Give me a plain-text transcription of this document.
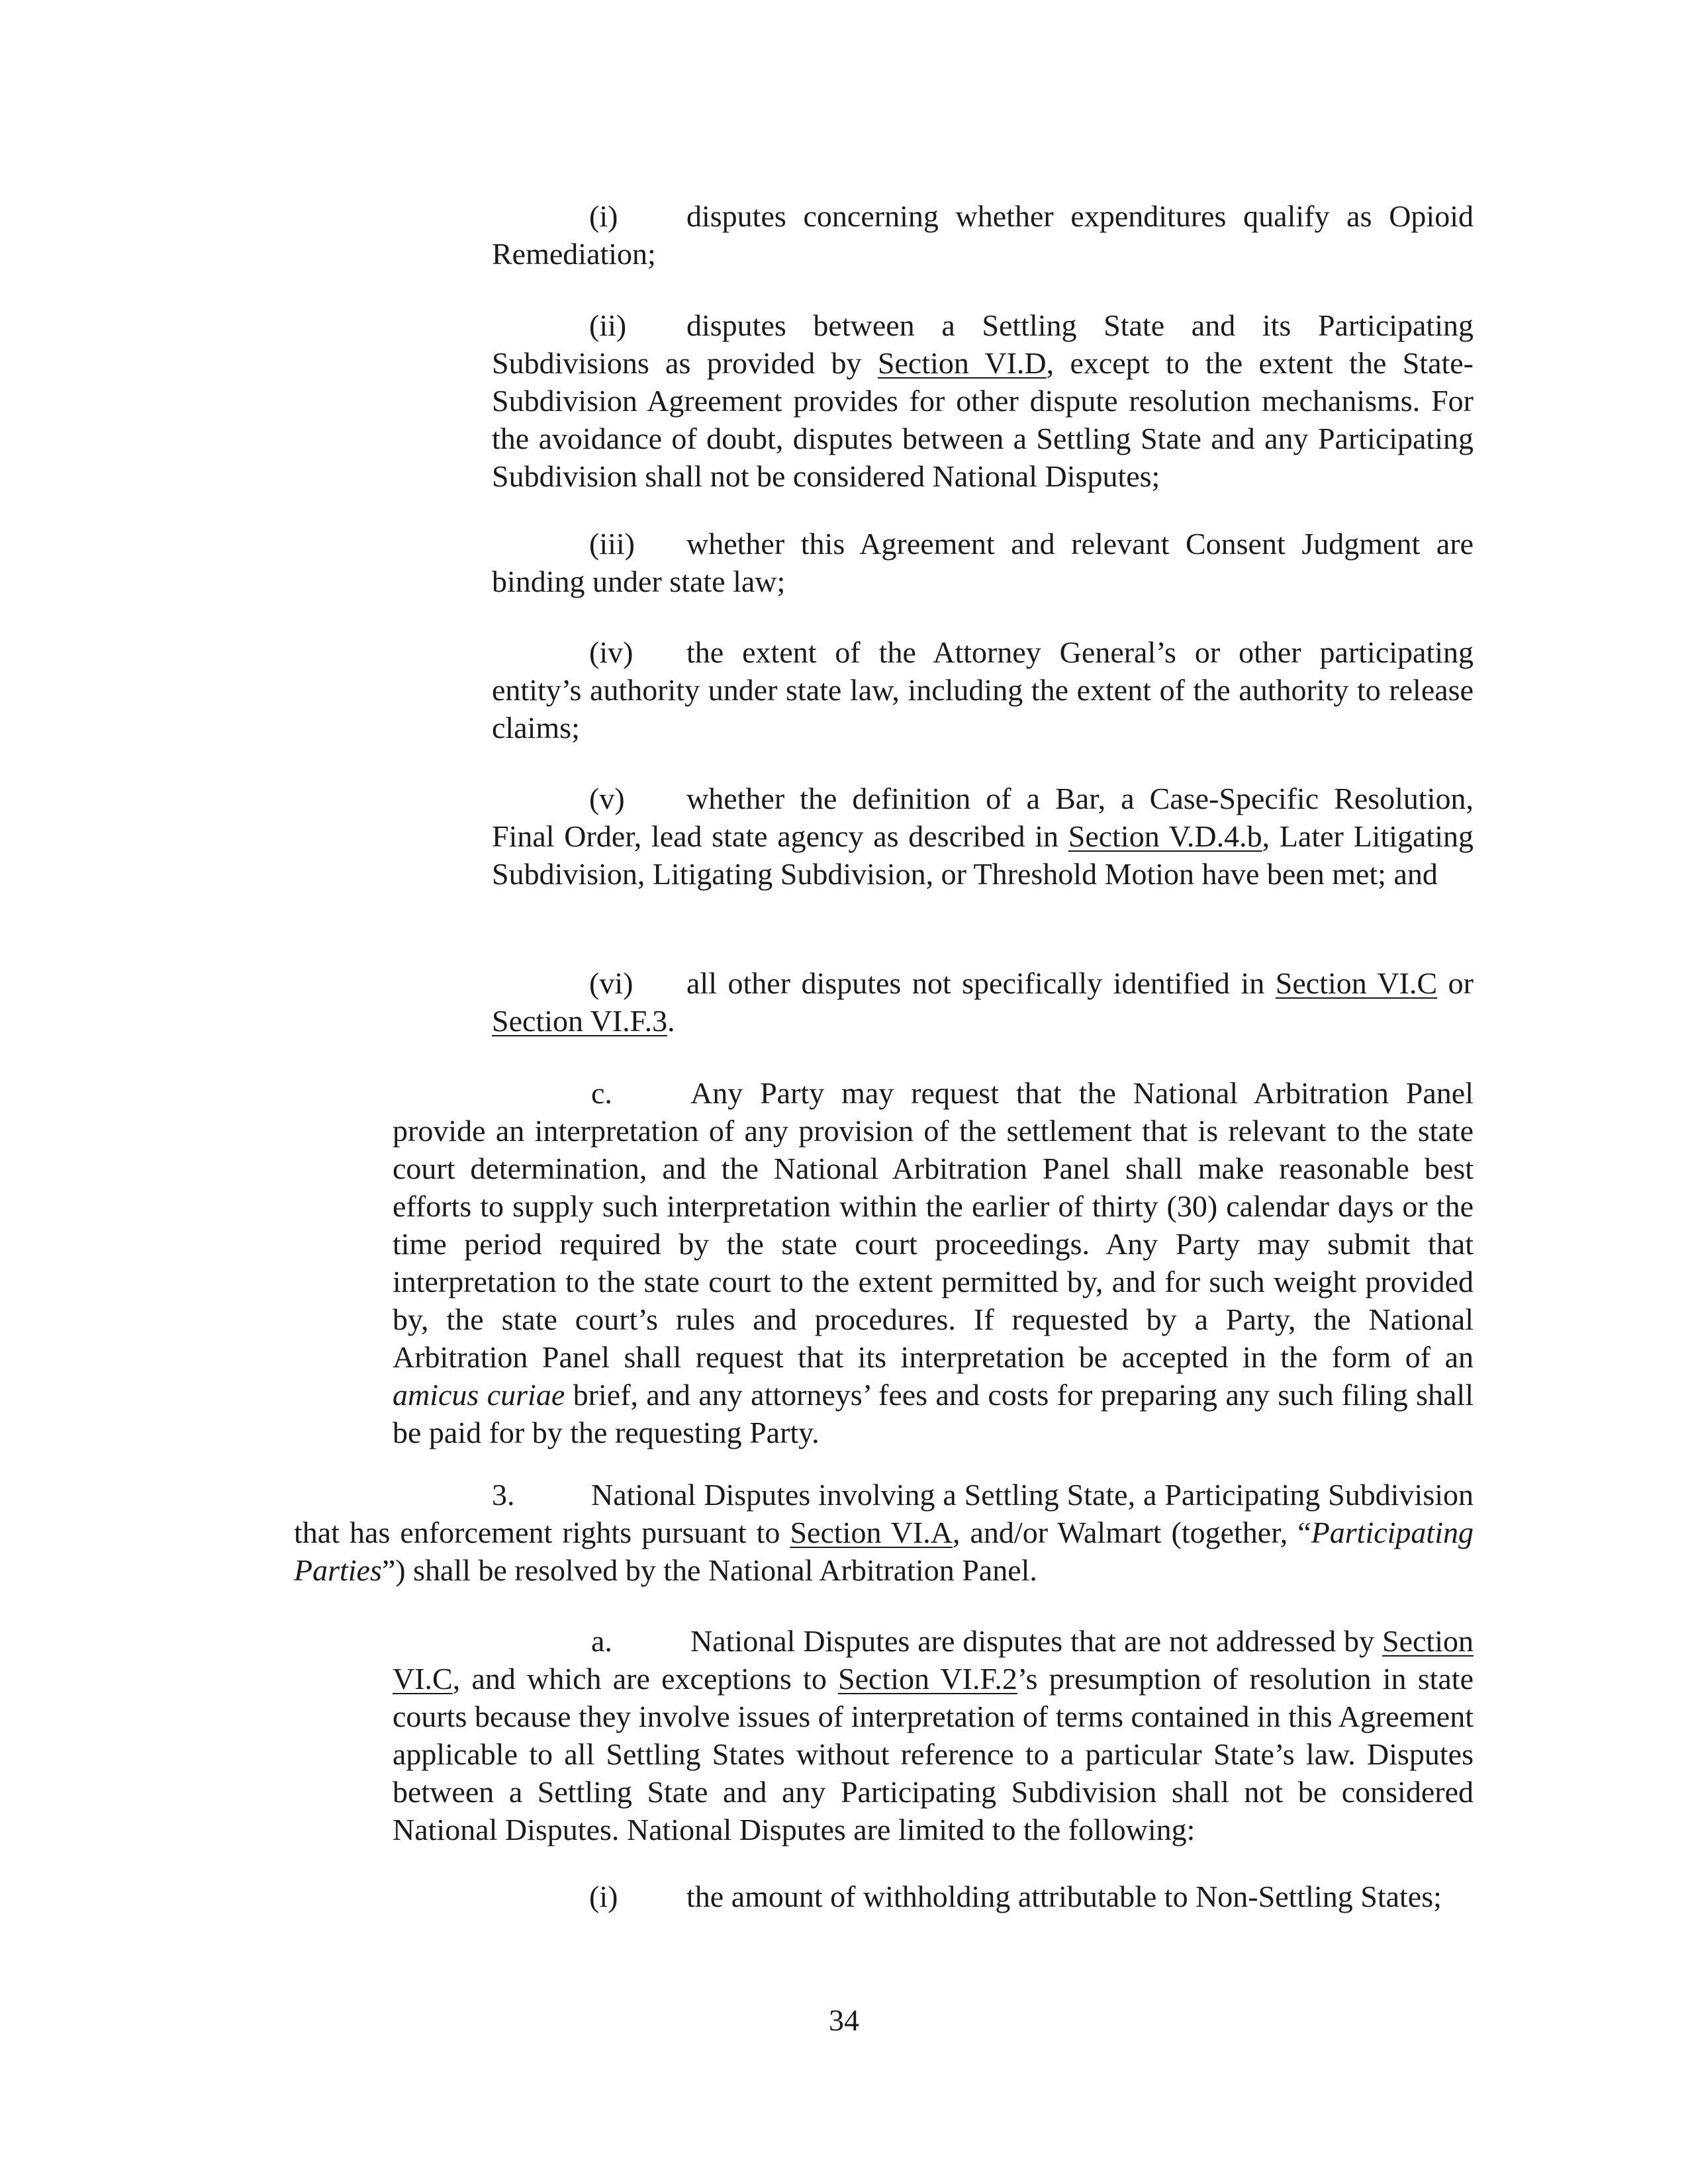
(i) disputes concerning whether expenditures qualify as Opioid Remediation;

(ii) disputes between a Settling State and its Participating Subdivisions as provided by Section VI.D, except to the extent the State-Subdivision Agreement provides for other dispute resolution mechanisms. For the avoidance of doubt, disputes between a Settling State and any Participating Subdivision shall not be considered National Disputes;

(iii) whether this Agreement and relevant Consent Judgment are binding under state law;

(iv) the extent of the Attorney General’s or other participating entity’s authority under state law, including the extent of the authority to release claims;

(v) whether the definition of a Bar, a Case-Specific Resolution, Final Order, lead state agency as described in Section V.D.4.b, Later Litigating Subdivision, Litigating Subdivision, or Threshold Motion have been met; and

(vi) all other disputes not specifically identified in Section VI.C or Section VI.F.3.

c.	Any Party may request that the National Arbitration Panel provide an interpretation of any provision of the settlement that is relevant to the state court determination, and the National Arbitration Panel shall make reasonable best efforts to supply such interpretation within the earlier of thirty (30) calendar days or the time period required by the state court proceedings. Any Party may submit that interpretation to the state court to the extent permitted by, and for such weight provided by, the state court’s rules and procedures. If requested by a Party, the National Arbitration Panel shall request that its interpretation be accepted in the form of an amicus curiae brief, and any attorneys’ fees and costs for preparing any such filing shall be paid for by the requesting Party.

3.	National Disputes involving a Settling State, a Participating Subdivision that has enforcement rights pursuant to Section VI.A, and/or Walmart (together, “Participating Parties”) shall be resolved by the National Arbitration Panel.

a.	National Disputes are disputes that are not addressed by Section VI.C, and which are exceptions to Section VI.F.2’s presumption of resolution in state courts because they involve issues of interpretation of terms contained in this Agreement applicable to all Settling States without reference to a particular State’s law. Disputes between a Settling State and any Participating Subdivision shall not be considered National Disputes. National Disputes are limited to the following:

(i) the amount of withholding attributable to Non-Settling States;

34
